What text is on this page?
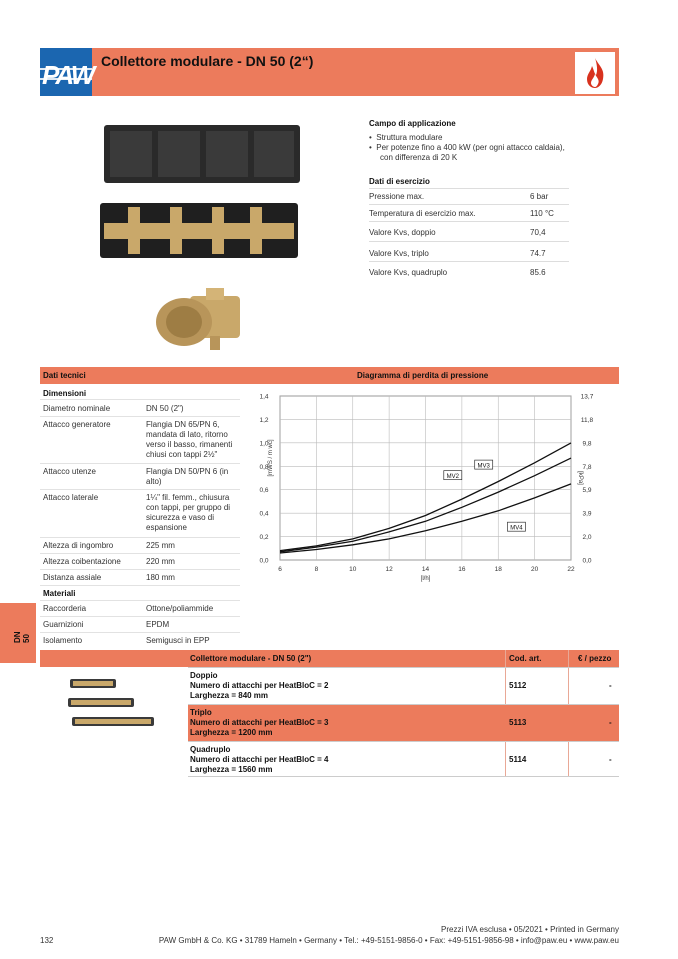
PAW Collettore modulare - DN 50 (2“)
Campo di applicazione
•  Struttura modulare
•  Per potenze fino a 400 kW (per ogni attacco caldaia),
con differenza di 20 K
Dati di esercizio
Pressione max.	6 bar
Temperatura di esercizio max.	110 °C
Valore Kvs, doppio	70,4
Valore Kvs, triplo	74.7
Valore Kvs, quadruplo	85.6
Dati tecnici	Diagramma di perdita di pressione
Dimensioni
Diametro nominale	DN 50 (2")
Attacco generatore	Flangia DN 65/PN 6, mandata di lato, ritorno verso il basso, rimanenti chiusi con tappi 2½"
Attacco utenze	Flangia DN 50/PN 6 (in alto)
Attacco laterale	1¼" fil. femm., chiusura con tappi, per gruppo di sicurezza e vaso di espansione
Altezza di ingombro	225 mm
Altezza coibentazione	220 mm
Distanza assiale	180 mm
Materiali
Raccorderia	Ottone/poliammide
Guarnizioni	EPDM
Isolamento	Semigusci in EPP
DN 50
6	8	10	12	14	16	18	20	22
0,0	0,0
0,2	2,0
0,4	3,9
0,6	5,9
0,8	7,8
1,0	9,8
1,2	11,8
1,4	13,7
[l/h]
[mWS / m wc]
[kPa]
MV2
MV3
MV4
Collettore modulare - DN 50 (2")	Cod. art.	€ / pezzo
Doppio
Numero di attacchi per HeatBloC = 2
Larghezza = 840 mm
5112	-
Triplo
Numero di attacchi per HeatBloC = 3
Larghezza = 1200 mm
5113	-
Quadruplo
Numero di attacchi per HeatBloC = 4
Larghezza = 1560 mm
5114	-
Prezzi IVA esclusa • 05/2021 • Printed in Germany
PAW GmbH & Co. KG • 31789 Hameln • Germany • Tel.: +49-5151-9856-0 • Fax: +49-5151-9856-98 • info@paw.eu • www.paw.eu
132
